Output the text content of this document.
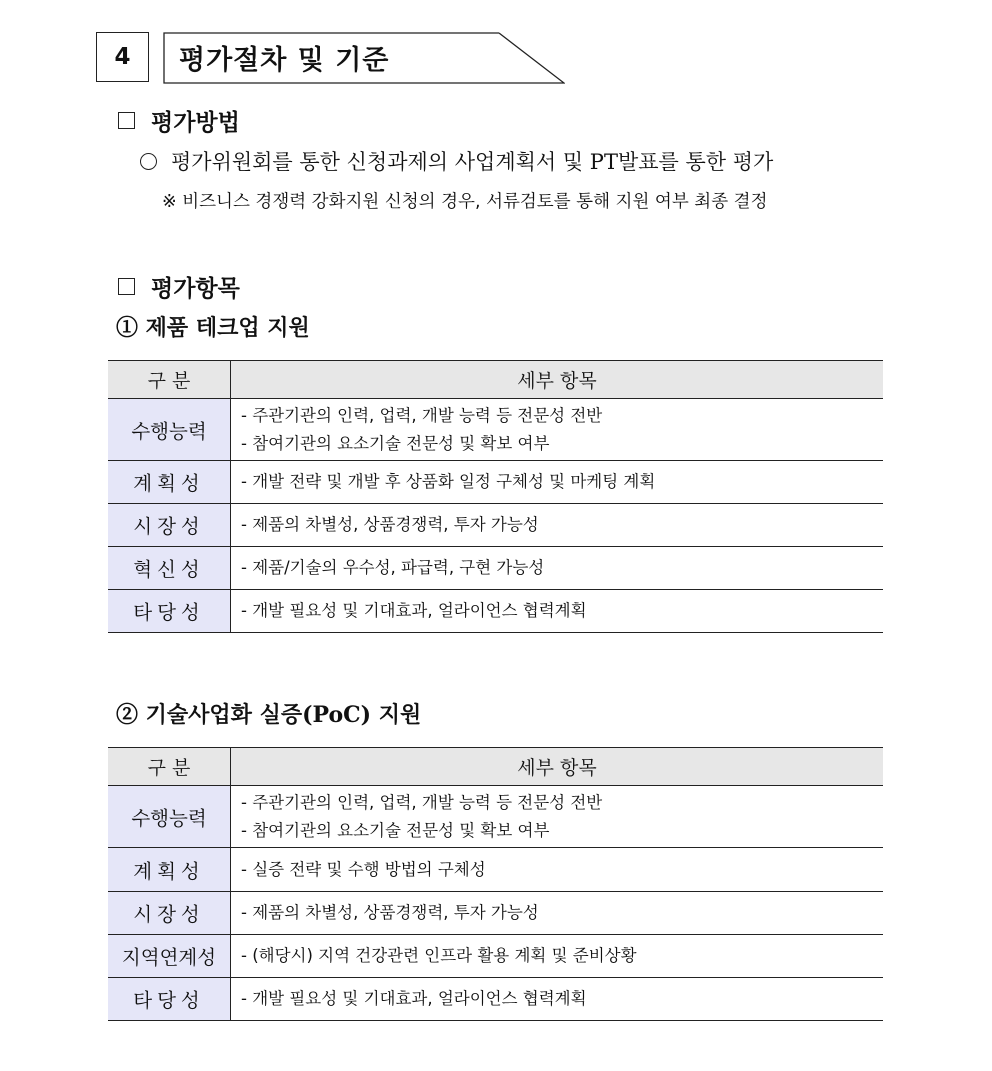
4 평가절차 및 기준
평가방법
평가위원회를 통한 신청과제의 사업계획서 및 PT발표를 통한 평가
※ 비즈니스 경쟁력 강화지원 신청의 경우, 서류검토를 통해 지원 여부 최종 결정
평가항목
① 제품 테크업 지원
구 분	세부 항목
수행능력	- 주관기관의 인력, 업력, 개발 능력 등 전문성 전반
- 참여기관의 요소기술 전문성 및 확보 여부

계획성	- 개발 전략 및 개발 후 상품화 일정 구체성 및 마케팅 계획

시장성	- 제품의 차별성, 상품경쟁력, 투자 가능성

혁신성	- 제품/기술의 우수성, 파급력, 구현 가능성

타당성	- 개발 필요성 및 기대효과, 얼라이언스 협력계획
② 기술사업화 실증(PoC) 지원
구 분	세부 항목
수행능력	- 주관기관의 인력, 업력, 개발 능력 등 전문성 전반
- 참여기관의 요소기술 전문성 및 확보 여부

계획성	- 실증 전략 및 수행 방법의 구체성

시장성	- 제품의 차별성, 상품경쟁력, 투자 가능성

지역연계성	- (해당시) 지역 건강관련 인프라 활용 계획 및 준비상황

타당성	- 개발 필요성 및 기대효과, 얼라이언스 협력계획
